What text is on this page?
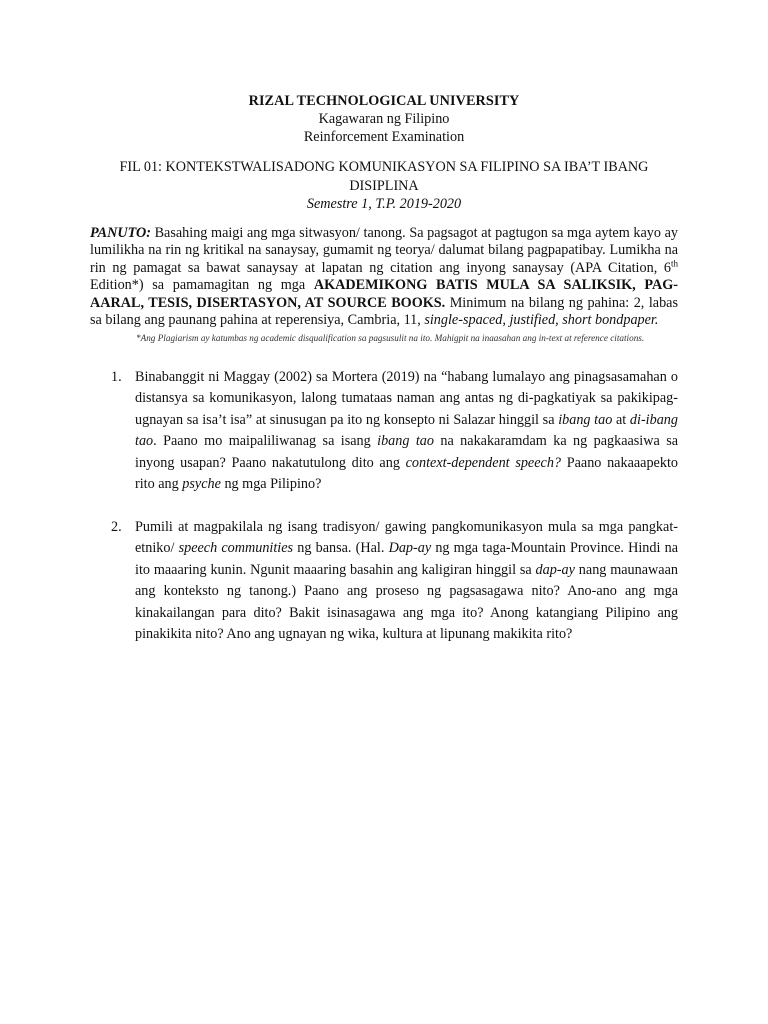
RIZAL TECHNOLOGICAL UNIVERSITY
Kagawaran ng Filipino
Reinforcement Examination
FIL 01: KONTEKSTWALISADONG KOMUNIKASYON SA FILIPINO SA IBA’T IBANG
DISIPLINA
Semestre 1, T.P. 2019-2020
PANUTO: Basahing maigi ang mga sitwasyon/ tanong. Sa pagsagot at pagtugon sa mga aytem kayo ay lumilikha na rin ng kritikal na sanaysay, gumamit ng teorya/ dalumat bilang pagpapatibay. Lumikha na rin ng pamagat sa bawat sanaysay at lapatan ng citation ang inyong sanaysay (APA Citation, 6th Edition*) sa pamamagitan ng mga AKADEMIKONG BATIS MULA SA SALIKSIK, PAG-AARAL, TESIS, DISERTASYON, AT SOURCE BOOKS. Minimum na bilang ng pahina: 2, labas sa bilang ang paunang pahina at reperensiya, Cambria, 11, single-spaced, justified, short bondpaper.
*Ang Plagiarism ay katumbas ng academic disqualification sa pagsusulit na ito. Mahigpit na inaasahan ang in-text at reference citations.
1. Binabanggit ni Maggay (2002) sa Mortera (2019) na “habang lumalayo ang pinagsasamahan o distansya sa komunikasyon, lalong tumataas naman ang antas ng di-pagkatiyak sa pakikipag-ugnayan sa isa’t isa” at sinusugan pa ito ng konsepto ni Salazar hinggil sa ibang tao at di-ibang tao. Paano mo maipaliliwanag sa isang ibang tao na nakakaramdam ka ng pagkaasiwa sa inyong usapan? Paano nakatutulong dito ang context-dependent speech? Paano nakaaapekto rito ang psyche ng mga Pilipino?
2. Pumili at magpakilala ng isang tradisyon/ gawing pangkomunikasyon mula sa mga pangkat-etniko/ speech communities ng bansa. (Hal. Dap-ay ng mga taga-Mountain Province. Hindi na ito maaaring kunin. Ngunit maaaring basahin ang kaligiran hinggil sa dap-ay nang maunawaan ang konteksto ng tanong.) Paano ang proseso ng pagsasagawa nito? Ano-ano ang mga kinakailangan para dito? Bakit isinasagawa ang mga ito? Anong katangiang Pilipino ang pinakikita nito? Ano ang ugnayan ng wika, kultura at lipunang makikita rito?
